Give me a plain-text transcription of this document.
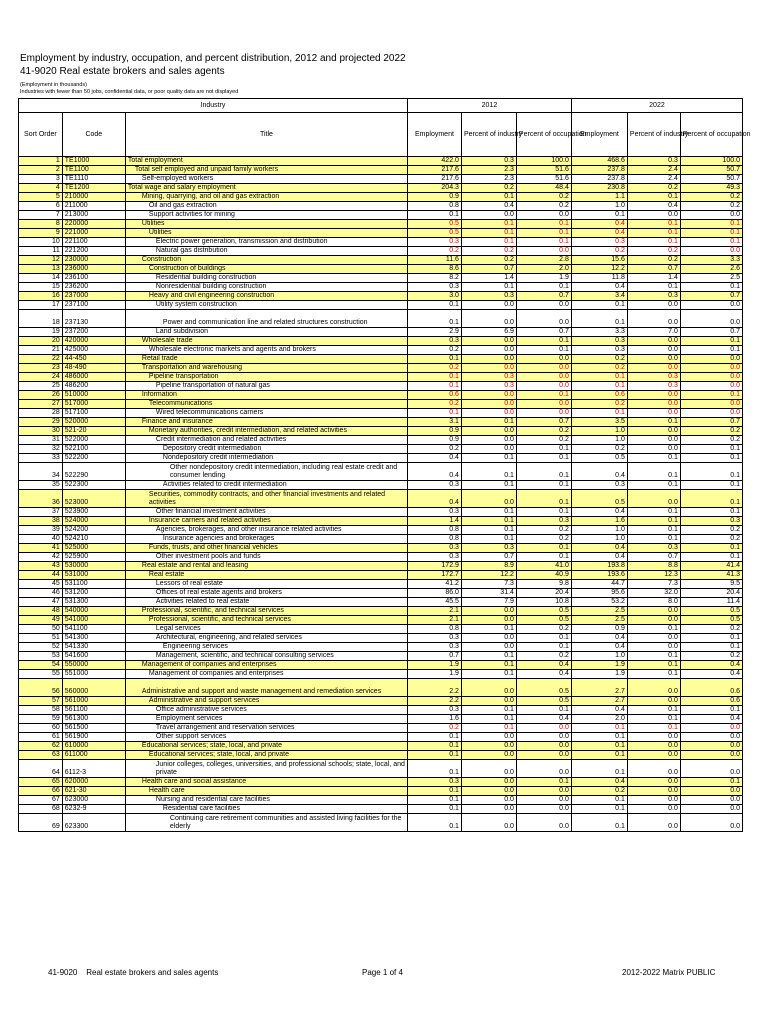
Employment by industry, occupation, and percent distribution, 2012 and projected 2022
41-9020 Real estate brokers and sales agents
(Employment in thousands)
Industries with fewer than 50 jobs, confidential data, or poor quality data are not displayed
Industry			2012			2022		
Sort Order	Code	Title	Employment	Percent of industry	Percent of occupation	Employment	Percent of industry	Percent of occupation
1	TE1000	Total employment	422.0	0.3	100.0	468.6	0.3	100.0
2	TE1100	Total self employed and unpaid family workers	217.6	2.3	51.6	237.8	2.4	50.7
3	TE1110	Self-employed workers	217.6	2.3	51.6	237.8	2.4	50.7
4	TE1200	Total wage and salary employment	204.3	0.2	48.4	230.8	0.2	49.3
5	210000	Mining, quarrying, and oil and gas extraction	0.9	0.1	0.2	1.1	0.1	0.2
6	211000	Oil and gas extraction	0.8	0.4	0.2	1.0	0.4	0.2
7	213000	Support activities for mining	0.1	0.0	0.0	0.1	0.0	0.0
8	220000	Utilities	0.5	0.1	0.1	0.4	0.1	0.1
9	221000	Utilities	0.5	0.1	0.1	0.4	0.1	0.1
10	221100	Electric power generation, transmission and distribution	0.3	0.1	0.1	0.3	0.1	0.1
11	221200	Natural gas distribution	0.2	0.2	0.0	0.2	0.2	0.0
12	230000	Construction	11.6	0.2	2.8	15.6	0.2	3.3
13	236000	Construction of buildings	8.6	0.7	2.0	12.2	0.7	2.6
14	236100	Residential building construction	8.2	1.4	1.9	11.8	1.4	2.5
15	236200	Nonresidential building construction	0.3	0.1	0.1	0.4	0.1	0.1
16	237000	Heavy and civil engineering construction	3.0	0.3	0.7	3.4	0.3	0.7
17	237100	Utility system construction	0.1	0.0	0.0	0.1	0.0	0.0
18	237130	Power and communication line and related structures construction	0.1	0.0	0.0	0.1	0.0	0.0
19	237200	Land subdivision	2.9	6.9	0.7	3.3	7.0	0.7
20	420000	Wholesale trade	0.3	0.0	0.1	0.3	0.0	0.1
21	425000	Wholesale electronic markets and agents and brokers	0.2	0.0	0.1	0.3	0.0	0.1
22	44-450	Retail trade	0.1	0.0	0.0	0.2	0.0	0.0
23	48-490	Transportation and warehousing	0.2	0.0	0.0	0.2	0.0	0.0
24	486000	Pipeline transportation	0.1	0.3	0.0	0.1	0.3	0.0
25	486200	Pipeline transportation of natural gas	0.1	0.3	0.0	0.1	0.3	0.0
26	510000	Information	0.6	0.0	0.1	0.6	0.0	0.1
27	517000	Telecommunications	0.2	0.0	0.0	0.2	0.0	0.0
28	517100	Wired telecommunications carriers	0.1	0.0	0.0	0.1	0.0	0.0
29	520000	Finance and insurance	3.1	0.1	0.7	3.5	0.1	0.7
30	521-20	Monetary authorities, credit intermediation, and related activities	0.9	0.0	0.2	1.0	0.0	0.2
31	522000	Credit intermediation and related activities	0.9	0.0	0.2	1.0	0.0	0.2
32	522100	Depository credit intermediation	0.2	0.0	0.1	0.2	0.0	0.1
33	522200	Nondepository credit intermediation	0.4	0.1	0.1	0.5	0.1	0.1
34	522290	Other nondepository credit intermediation, including real estate credit and consumer lending	0.4	0.1	0.1	0.4	0.1	0.1
35	522300	Activities related to credit intermediation	0.3	0.1	0.1	0.3	0.1	0.1
36	523000	Securities, commodity contracts, and other financial investments and related activities	0.4	0.0	0.1	0.5	0.0	0.1
37	523900	Other financial investment activities	0.3	0.1	0.1	0.4	0.1	0.1
38	524000	Insurance carriers and related activities	1.4	0.1	0.3	1.6	0.1	0.3
39	524200	Agencies, brokerages, and other insurance related activities	0.8	0.1	0.2	1.0	0.1	0.2
40	524210	Insurance agencies and brokerages	0.8	0.1	0.2	1.0	0.1	0.2
41	525000	Funds, trusts, and other financial vehicles	0.3	0.3	0.1	0.4	0.3	0.1
42	525900	Other investment pools and funds	0.3	0.7	0.1	0.4	0.7	0.1
43	530000	Real estate and rental and leasing	172.9	8.9	41.0	193.8	8.8	41.4
44	531000	Real estate	172.7	12.2	40.9	193.6	12.3	41.3
45	531100	Lessors of real estate	41.2	7.3	9.8	44.7	7.3	9.5
46	531200	Offices of real estate agents and brokers	86.0	31.4	20.4	95.6	32.0	20.4
47	531300	Activities related to real estate	45.5	7.9	10.8	53.2	8.0	11.4
48	540000	Professional, scientific, and technical services	2.1	0.0	0.5	2.5	0.0	0.5
49	541000	Professional, scientific, and technical services	2.1	0.0	0.5	2.5	0.0	0.5
50	541100	Legal services	0.8	0.1	0.2	0.9	0.1	0.2
51	541300	Architectural, engineering, and related services	0.3	0.0	0.1	0.4	0.0	0.1
52	541330	Engineering services	0.3	0.0	0.1	0.4	0.0	0.1
53	541600	Management, scientific, and technical consulting services	0.7	0.1	0.2	1.0	0.1	0.2
54	550000	Management of companies and enterprises	1.9	0.1	0.4	1.9	0.1	0.4
55	551000	Management of companies and enterprises	1.9	0.1	0.4	1.9	0.1	0.4
56	560000	Administrative and support and waste management and remediation services	2.2	0.0	0.5	2.7	0.0	0.6
57	561000	Administrative and support services	2.2	0.0	0.5	2.7	0.0	0.6
58	561100	Office administrative services	0.3	0.1	0.1	0.4	0.1	0.1
59	561300	Employment services	1.6	0.1	0.4	2.0	0.1	0.4
60	561500	Travel arrangement and reservation services	0.2	0.1	0.0	0.1	0.1	0.0
61	561900	Other support services	0.1	0.0	0.0	0.1	0.0	0.0
62	610000	Educational services; state, local, and private	0.1	0.0	0.0	0.1	0.0	0.0
63	611000	Educational services; state, local, and private	0.1	0.0	0.0	0.1	0.0	0.0
64	6112-3	Junior colleges, colleges, universities, and professional schools; state, local, and private	0.1	0.0	0.0	0.1	0.0	0.0
65	620000	Health care and social assistance	0.3	0.0	0.1	0.4	0.0	0.1
66	621-30	Health care	0.1	0.0	0.0	0.2	0.0	0.0
67	623000	Nursing and residential care facilities	0.1	0.0	0.0	0.1	0.0	0.0
68	6232-9	Residential care facilities	0.1	0.0	0.0	0.1	0.0	0.0
69	623300	Continuing care retirement communities and assisted living facilities for the elderly	0.1	0.0	0.0	0.1	0.0	0.0
41-9020    Real estate brokers and sales agents	Page 1 of 4	2012-2022 Matrix PUBLIC
